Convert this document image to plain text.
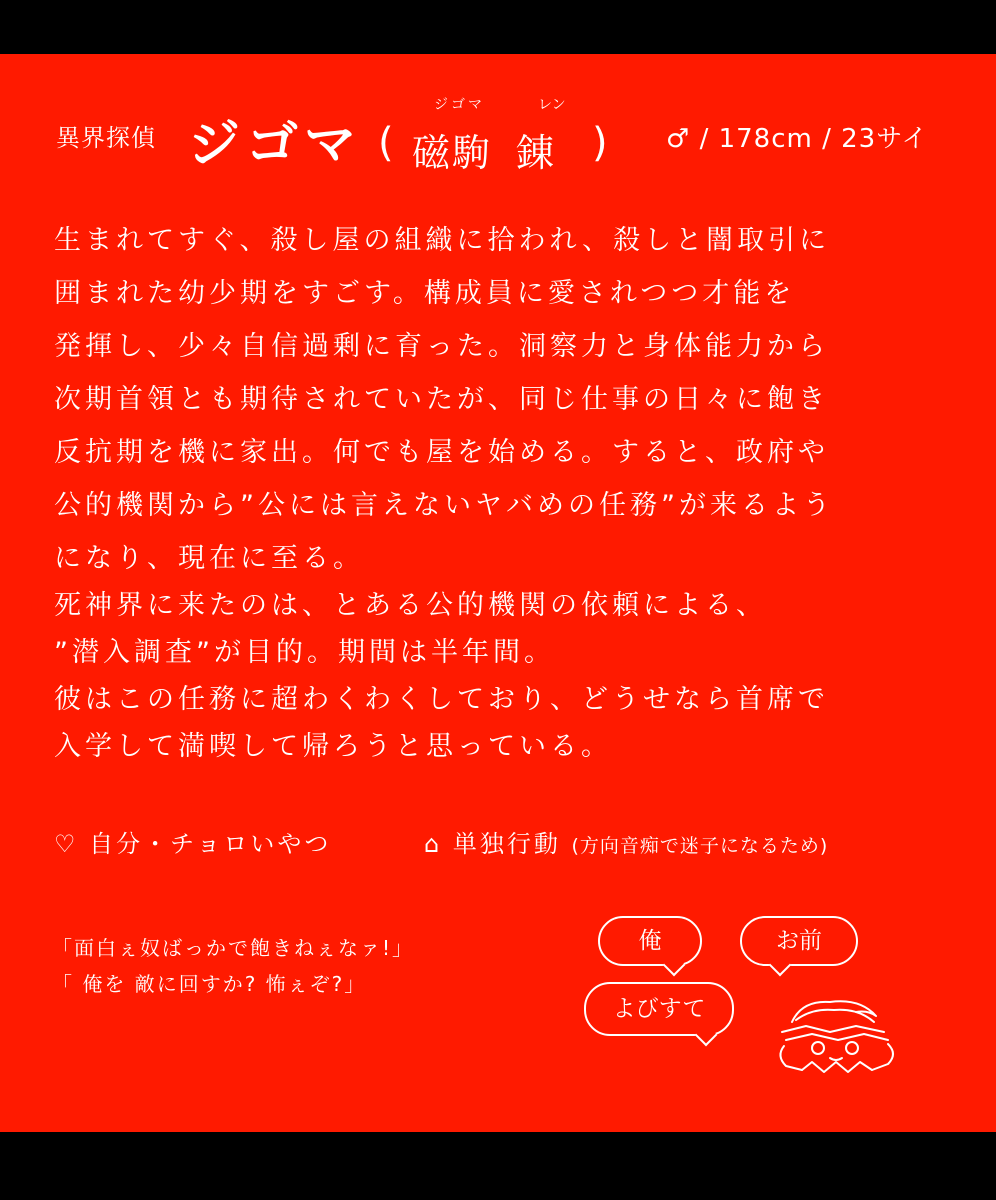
異界探偵 ジゴマ (
ジゴマ
磁駒
レン
錬 ) ♂ / 178cm / 23サイ
生まれてすぐ、殺し屋の組織に拾われ、殺しと闇取引に
囲まれた幼少期をすごす。構成員に愛されつつ才能を
発揮し、少々自信過剰に育った。洞察力と身体能力から
次期首領とも期待されていたが、同じ仕事の日々に飽き
反抗期を機に家出。何でも屋を始める。すると、政府や
公的機関から”公には言えないヤバめの任務”が来るよう
になり、現在に至る。
死神界に来たのは、とある公的機関の依頼による、
”潜入調査”が目的。期間は半年間。
彼はこの任務に超わくわくしており、どうせなら首席で
入学して満喫して帰ろうと思っている。
♡ 自分・チョロいやつ	⌂ 単独行動 (方向音痴で迷子になるため)
「面白ぇ奴ばっかで飽きねぇなァ!」
「 俺を 敵に回すか? 怖ぇぞ?」
俺	お前
よびすて
